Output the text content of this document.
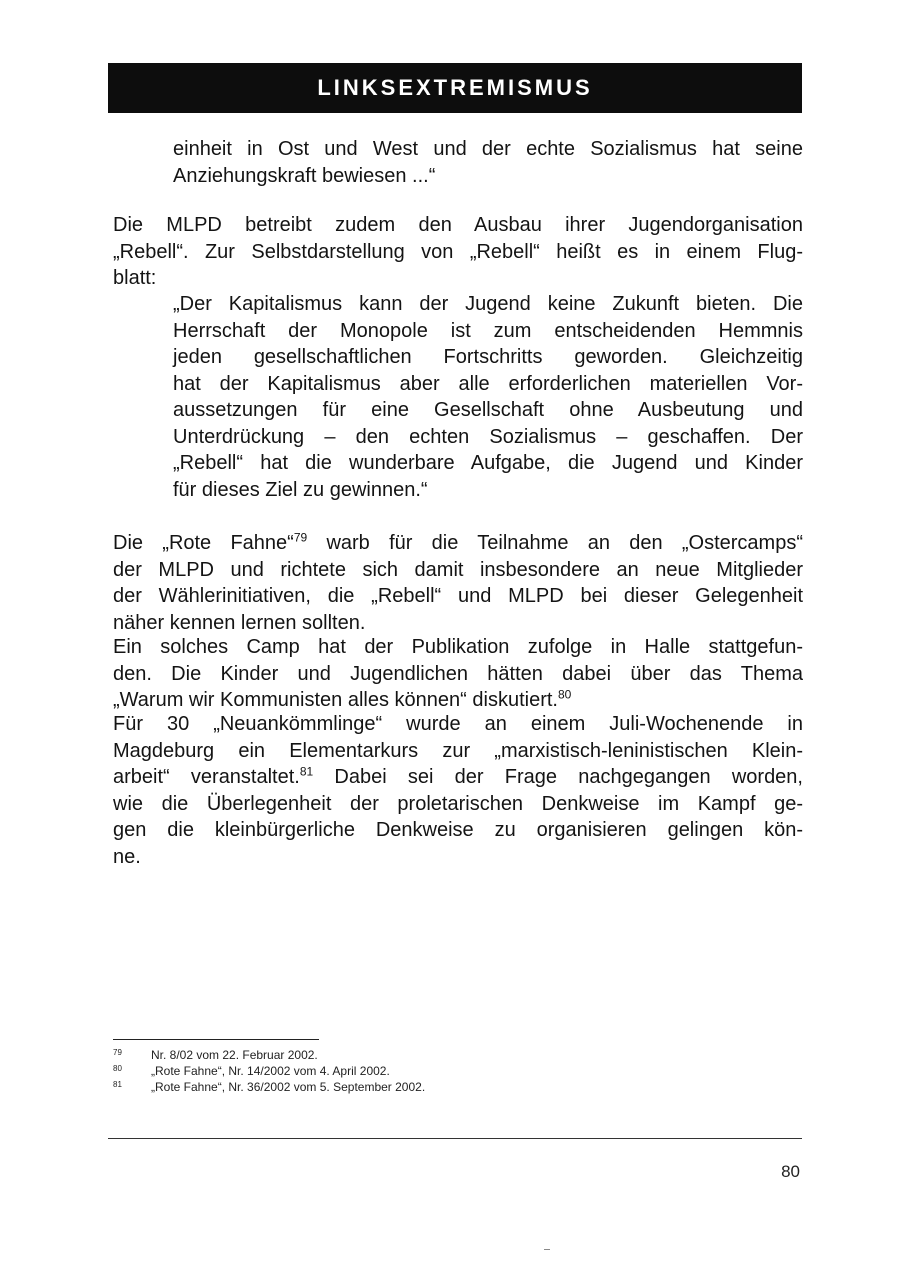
LINKSEXTREMISMUS
einheit in Ost und West und der echte Sozialismus hat seine
Anziehungskraft bewiesen ...“
Die MLPD betreibt zudem den Ausbau ihrer Jugendorganisation
„Rebell“. Zur Selbstdarstellung von „Rebell“ heißt es in einem Flug-
blatt:
„Der Kapitalismus kann der Jugend keine Zukunft bieten. Die
Herrschaft der Monopole ist zum entscheidenden Hemmnis
jeden gesellschaftlichen Fortschritts geworden. Gleichzeitig
hat der Kapitalismus aber alle erforderlichen materiellen Vor-
aussetzungen für eine Gesellschaft ohne Ausbeutung und
Unterdrückung – den echten Sozialismus – geschaffen. Der
„Rebell“ hat die wunderbare Aufgabe, die Jugend und Kinder
für dieses Ziel zu gewinnen.“
Die „Rote Fahne“$^{79}$ warb für die Teilnahme an den „Ostercamps“
der MLPD und richtete sich damit insbesondere an neue Mitglieder
der Wählerinitiativen, die „Rebell“ und MLPD bei dieser Gelegenheit
näher kennen lernen sollten.
Ein solches Camp hat der Publikation zufolge in Halle stattgefun-
den. Die Kinder und Jugendlichen hätten dabei über das Thema
„Warum wir Kommunisten alles können“ diskutiert.$^{80}$
Für 30 „Neuankömmlinge“ wurde an einem Juli-Wochenende in
Magdeburg ein Elementarkurs zur „marxistisch-leninistischen Klein-
arbeit“ veranstaltet.$^{81}$ Dabei sei der Frage nachgegangen worden,
wie die Überlegenheit der proletarischen Denkweise im Kampf ge-
gen die kleinbürgerliche Denkweise zu organisieren gelingen kön-
ne.
79	Nr. 8/02 vom 22. Februar 2002.
80	„Rote Fahne“, Nr. 14/2002 vom 4. April 2002.
81	„Rote Fahne“, Nr. 36/2002 vom 5. September 2002.
80
